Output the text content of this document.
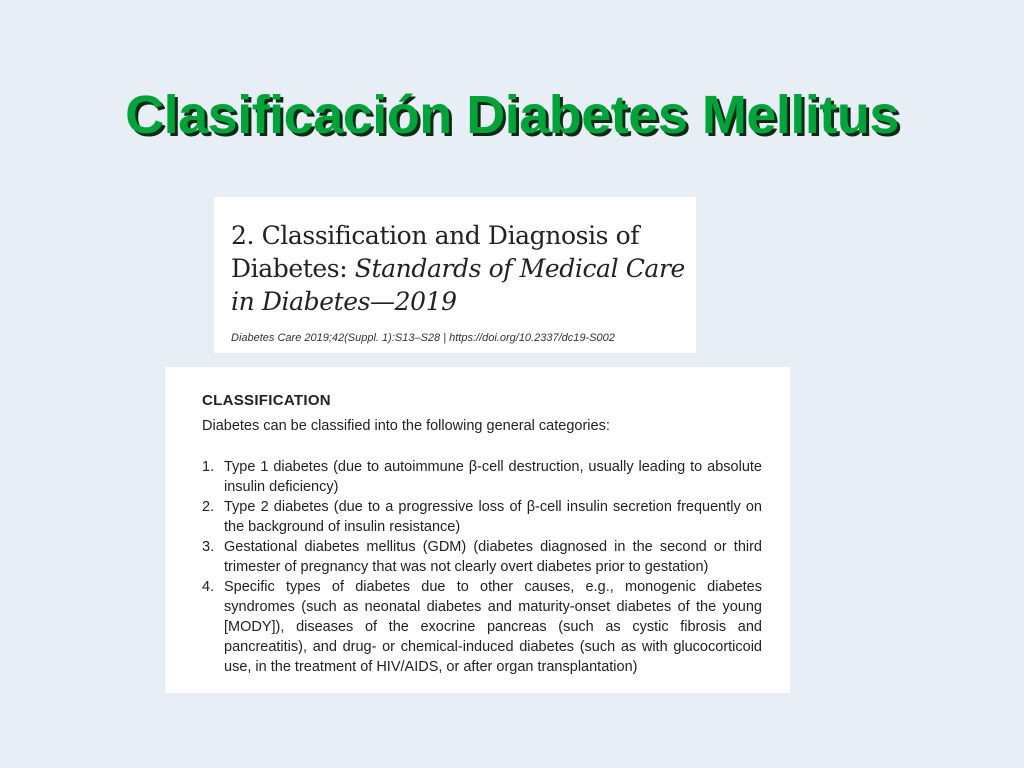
Clasificación Diabetes Mellitus
2. Classification and Diagnosis of Diabetes: Standards of Medical Care in Diabetes—2019
Diabetes Care 2019;42(Suppl. 1):S13–S28 | https://doi.org/10.2337/dc19-S002
CLASSIFICATION
Diabetes can be classified into the following general categories:
1. Type 1 diabetes (due to autoimmune β-cell destruction, usually leading to absolute insulin deficiency)
2. Type 2 diabetes (due to a progressive loss of β-cell insulin secretion frequently on the background of insulin resistance)
3. Gestational diabetes mellitus (GDM) (diabetes diagnosed in the second or third trimester of pregnancy that was not clearly overt diabetes prior to gestation)
4. Specific types of diabetes due to other causes, e.g., monogenic diabetes syndromes (such as neonatal diabetes and maturity-onset diabetes of the young [MODY]), diseases of the exocrine pancreas (such as cystic fibrosis and pancreatitis), and drug- or chemical-induced diabetes (such as with glucocorticoid use, in the treatment of HIV/AIDS, or after organ transplantation)
